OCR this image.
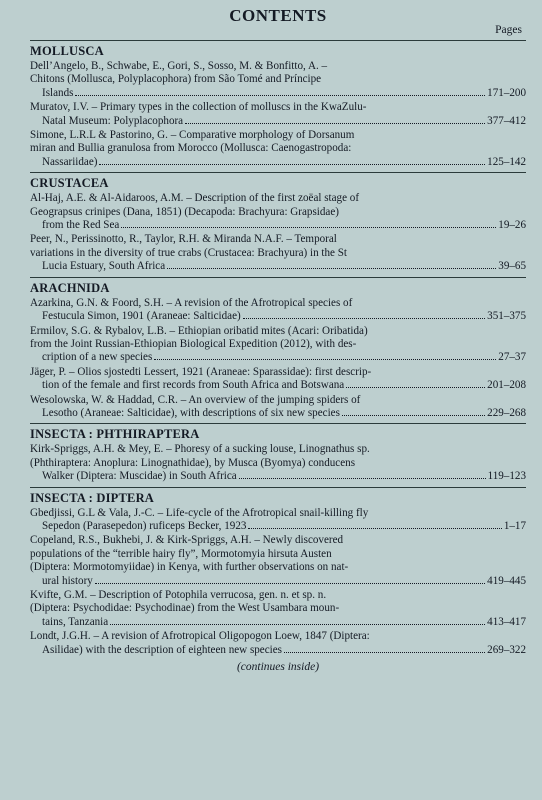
CONTENTS
Pages
MOLLUSCA
Dell’Angelo, B., Schwabe, E., Gori, S., Sosso, M. & Bonfitto, A. –
Chitons (Mollusca, Polyplacophora) from São Tomé and Príncipe
Islands	171–200
Muratov, I.V. – Primary types in the collection of molluscs in the KwaZulu-
Natal Museum: Polyplacophora	377–412
Simone, L.R.L & Pastorino, G. – Comparative morphology of Dorsanum
miran and Bullia granulosa from Morocco (Mollusca: Caenogastropoda:
Nassariidae)	125–142
CRUSTACEA
Al-Haj, A.E. & Al-Aidaroos, A.M. – Description of the first zoëal stage of
Geograpsus crinipes (Dana, 1851) (Decapoda: Brachyura: Grapsidae)
from the Red Sea	19–26
Peer, N., Perissinotto, R., Taylor, R.H. & Miranda N.A.F. – Temporal
variations in the diversity of true crabs (Crustacea: Brachyura) in the St
Lucia Estuary, South Africa	39–65
ARACHNIDA
Azarkina, G.N. & Foord, S.H. – A revision of the Afrotropical species of
Festucula Simon, 1901 (Araneae: Salticidae)	351–375
Ermilov, S.G. & Rybalov, L.B. – Ethiopian oribatid mites (Acari: Oribatida)
from the Joint Russian-Ethiopian Biological Expedition (2012), with des-
cription of a new species	27–37
Jäger, P. – Olios sjostedti Lessert, 1921 (Araneae: Sparassidae): first descrip-
tion of the female and first records from South Africa and Botswana	201–208
Wesolowska, W. & Haddad, C.R. – An overview of the jumping spiders of
Lesotho (Araneae: Salticidae), with descriptions of six new species	229–268
INSECTA : PHTHIRAPTERA
Kirk-Spriggs, A.H. & Mey, E. – Phoresy of a sucking louse, Linognathus sp.
(Phthiraptera: Anoplura: Linognathidae), by Musca (Byomya) conducens
Walker (Diptera: Muscidae) in South Africa	119–123
INSECTA : DIPTERA
Gbedjissi, G.L & Vala, J.-C. – Life-cycle of the Afrotropical snail-killing fly
Sepedon (Parasepedon) ruficeps Becker, 1923	1–17
Copeland, R.S., Bukhebi, J. & Kirk-Spriggs, A.H. – Newly discovered
populations of the “terrible hairy fly”, Mormotomyia hirsuta Austen
(Diptera: Mormotomyiidae) in Kenya, with further observations on nat-
ural history	419–445
Kvifte, G.M. – Description of Potophila verrucosa, gen. n. et sp. n.
(Diptera: Psychodidae: Psychodinae) from the West Usambara moun-
tains, Tanzania	413–417
Londt, J.G.H. – A revision of Afrotropical Oligopogon Loew, 1847 (Diptera:
Asilidae) with the description of eighteen new species	269–322
(continues inside)
